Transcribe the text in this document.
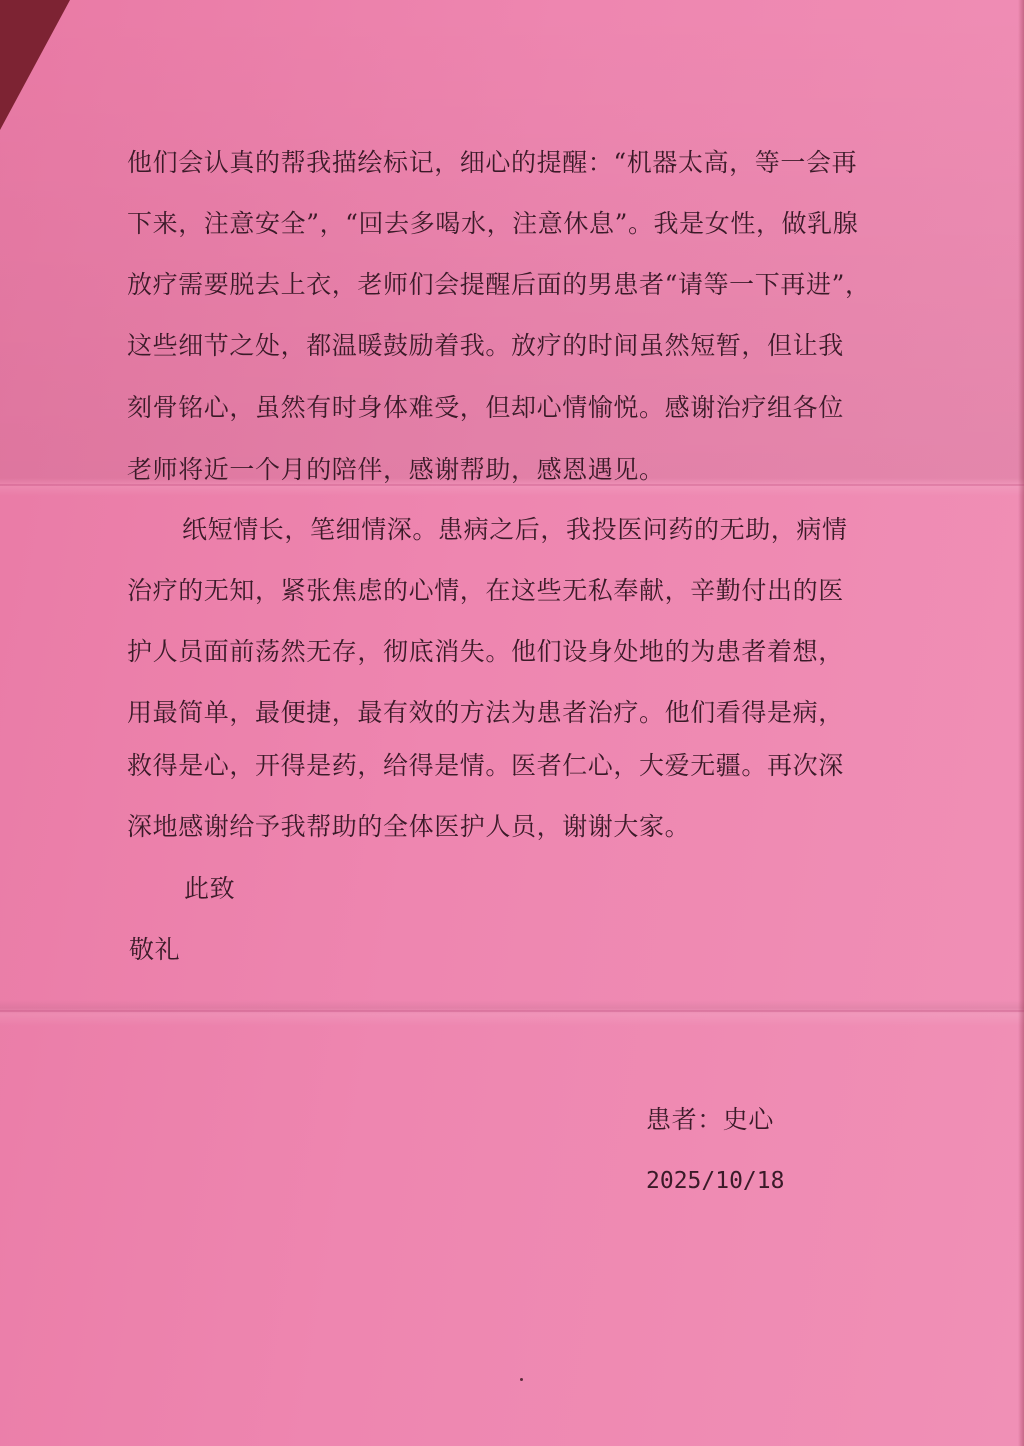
他们会认真的帮我描绘标记，细心的提醒：“机器太高，等一会再

下来，注意安全”，“回去多喝水，注意休息”。我是女性，做乳腺

放疗需要脱去上衣，老师们会提醒后面的男患者“请等一下再进”，

这些细节之处，都温暖鼓励着我。放疗的时间虽然短暂，但让我

刻骨铭心，虽然有时身体难受，但却心情愉悦。感谢治疗组各位

老师将近一个月的陪伴，感谢帮助，感恩遇见。

纸短情长，笔细情深。患病之后，我投医问药的无助，病情

治疗的无知，紧张焦虑的心情，在这些无私奉献，辛勤付出的医

护人员面前荡然无存，彻底消失。他们设身处地的为患者着想，

用最简单，最便捷，最有效的方法为患者治疗。他们看得是病，

救得是心，开得是药，给得是情。医者仁心，大爱无疆。再次深

深地感谢给予我帮助的全体医护人员，谢谢大家。

此致

敬礼

患者：史心

2025/10/18
